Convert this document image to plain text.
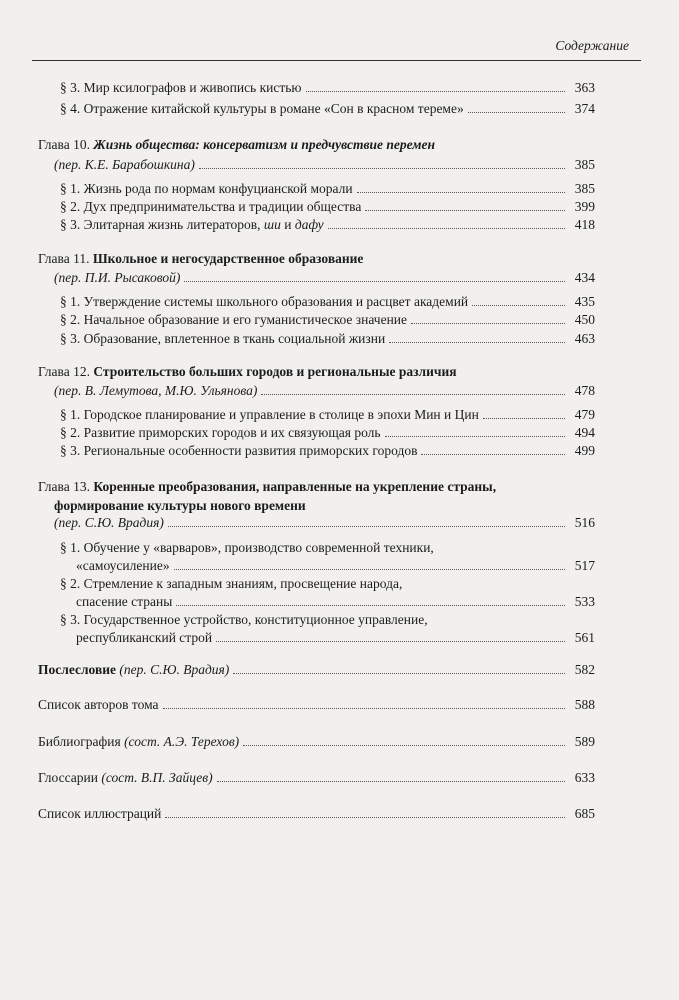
Содержание
§ 3. Мир ксилографов и живопись кистью	363
§ 4. Отражение китайской культуры в романе «Сон в красном тереме»	374
Глава 10. Жизнь общества: консерватизм и предчувствие перемен
(пер. К.Е. Барабошкина)	385
§ 1. Жизнь рода по нормам конфуцианской морали	385
§ 2. Дух предпринимательства и традиции общества	399
§ 3. Элитарная жизнь литераторов, ши и дафу	418
Глава 11. Школьное и негосударственное образование
(пер. П.И. Рысаковой)	434
§ 1. Утверждение системы школьного образования и расцвет академий	435
§ 2. Начальное образование и его гуманистическое значение	450
§ 3. Образование, вплетенное в ткань социальной жизни	463
Глава 12. Строительство больших городов и региональные различия
(пер. В. Лемутова, М.Ю. Ульянова)	478
§ 1. Городское планирование и управление в столице в эпохи Мин и Цин	479
§ 2. Развитие приморских городов и их связующая роль	494
§ 3. Региональные особенности развития приморских городов	499
Глава 13. Коренные преобразования, направленные на укрепление страны,
формирование культуры нового времени
(пер. С.Ю. Врадия)	516
§ 1. Обучение у «варваров», производство современной техники,
«самоусиление»	517
§ 2. Стремление к западным знаниям, просвещение народа,
спасение страны	533
§ 3. Государственное устройство, конституционное управление,
республиканский строй	561
Послесловие (пер. С.Ю. Врадия)	582
Список авторов тома	588
Библиография (сост. А.Э. Терехов)	589
Глоссарии (сост. В.П. Зайцев)	633
Список иллюстраций	685
